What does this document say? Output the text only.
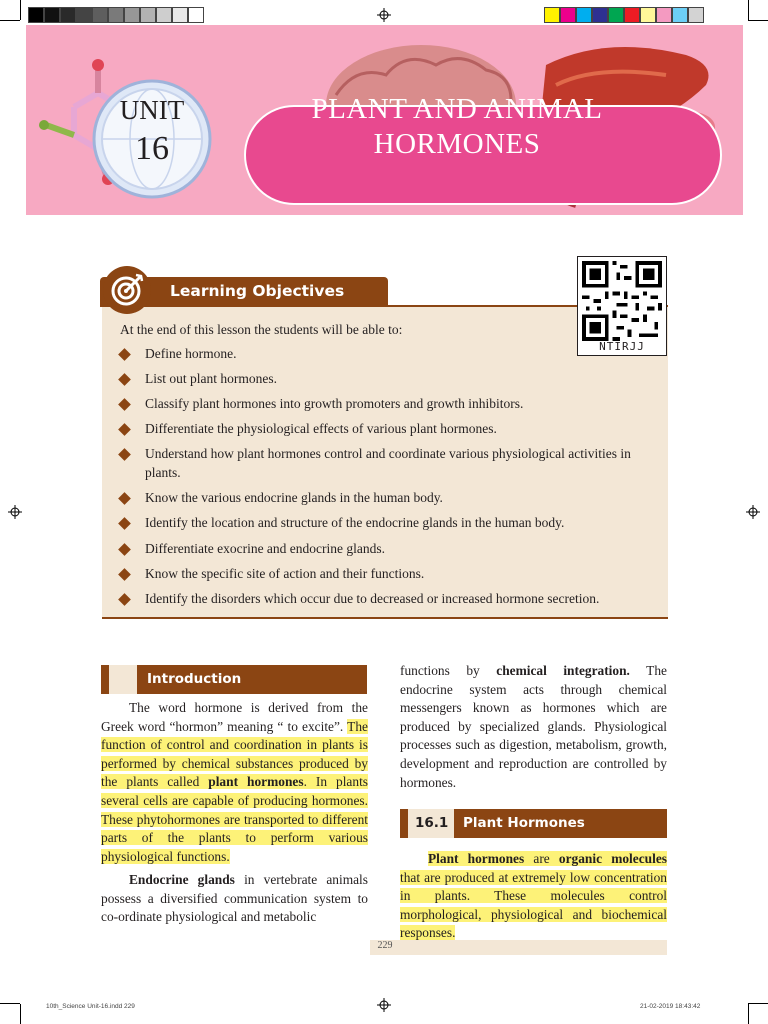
UNIT
16
PLANT AND ANIMAL
HORMONES
Learning Objectives
NTIRJJ
At the end of this lesson the students will be able to:
Define hormone.
List out plant hormones.
Classify plant hormones into growth promoters and growth inhibitors.
Differentiate the physiological effects of various plant hormones.
Understand how plant hormones control and coordinate various physiological activities in plants.
Know the various endocrine glands in the human body.
Identify the location and structure of the endocrine glands in the human body.
Differentiate exocrine and endocrine glands.
Know the specific site of action and their functions.
Identify the disorders which occur due to decreased or increased hormone secretion.
Introduction
The word hormone is derived from the Greek word “hormon” meaning “ to excite”. The function of control and coordination in plants is performed by chemical substances produced by the plants called plant hormones. In plants several cells are capable of producing hormones. These phytohormones are transported to different parts of the plants to perform various physiological functions.
Endocrine glands in vertebrate animals possess a diversified communication system to co-ordinate physiological and metabolic
functions by chemical integration. The endocrine system acts through chemical messengers known as hormones which are produced by specialized glands. Physiological processes such as digestion, metabolism, growth, development and reproduction are controlled by hormones.
16.1 Plant Hormones
Plant hormones are organic molecules that are produced at extremely low concentration in plants. These molecules control morphological, physiological and biochemical responses.
229
10th_Science Unit-16.indd 229	21-02-2019 18:43:42
